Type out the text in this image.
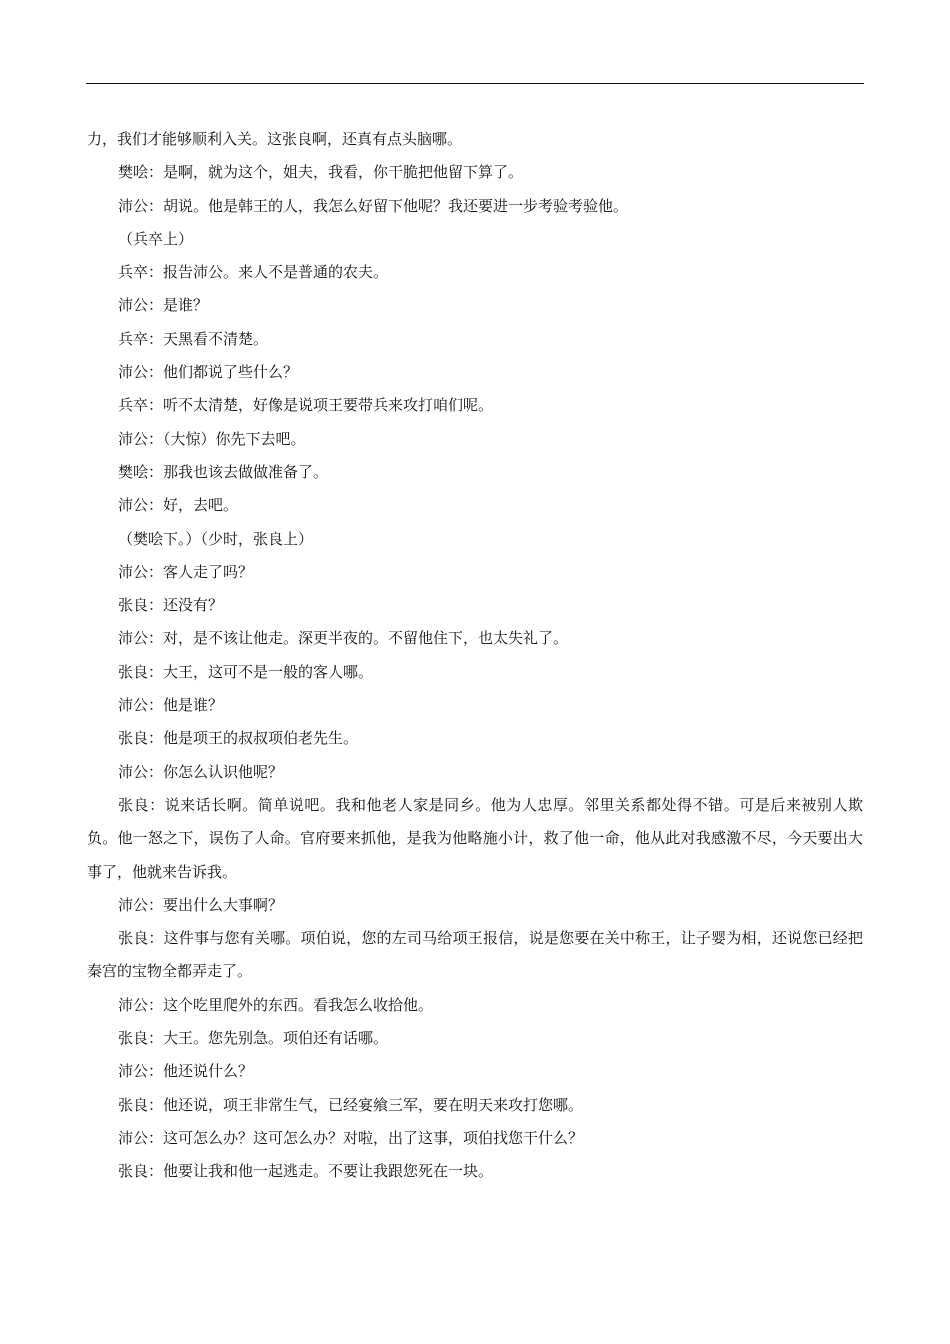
力，我们才能够顺利入关。这张良啊，还真有点头脑哪。

樊哙：是啊，就为这个，姐夫，我看，你干脆把他留下算了。

沛公：胡说。他是韩王的人，我怎么好留下他呢？我还要进一步考验考验他。

（兵卒上）

兵卒：报告沛公。来人不是普通的农夫。

沛公：是谁？

兵卒：天黑看不清楚。

沛公：他们都说了些什么？

兵卒：听不太清楚，好像是说项王要带兵来攻打咱们呢。

沛公：（大惊）你先下去吧。

樊哙：那我也该去做做准备了。

沛公：好，去吧。

（樊哙下。）（少时，张良上）

沛公：客人走了吗？

张良：还没有？

沛公：对，是不该让他走。深更半夜的。不留他住下，也太失礼了。

张良：大王，这可不是一般的客人哪。

沛公：他是谁？

张良：他是项王的叔叔项伯老先生。

沛公：你怎么认识他呢？

张良：说来话长啊。简单说吧。我和他老人家是同乡。他为人忠厚。邻里关系都处得不错。可是后来被别人欺负。他一怒之下，误伤了人命。官府要来抓他，是我为他略施小计，救了他一命，他从此对我感激不尽，今天要出大事了，他就来告诉我。

沛公：要出什么大事啊？

张良：这件事与您有关哪。项伯说，您的左司马给项王报信，说是您要在关中称王，让子婴为相，还说您已经把秦宫的宝物全都弄走了。

沛公：这个吃里爬外的东西。看我怎么收拾他。

张良：大王。您先别急。项伯还有话哪。

沛公：他还说什么？

张良：他还说，项王非常生气，已经宴飨三军，要在明天来攻打您哪。

沛公：这可怎么办？这可怎么办？对啦，出了这事，项伯找您干什么？

张良：他要让我和他一起逃走。不要让我跟您死在一块。
